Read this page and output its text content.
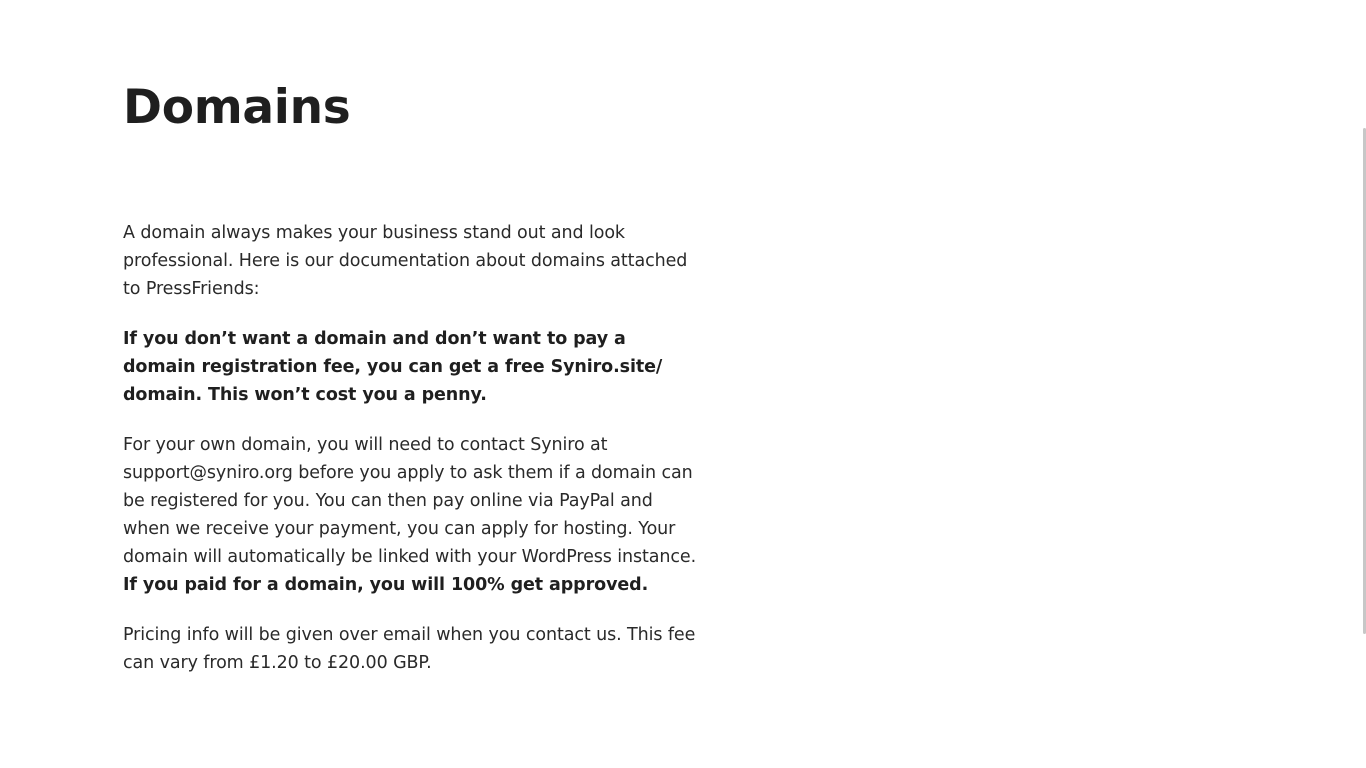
Domains

A domain always makes your business stand out and look professional. Here is our documentation about domains attached to PressFriends:

If you don’t want a domain and don’t want to pay a domain registration fee, you can get a free Syniro.site/ domain. This won’t cost you a penny.

For your own domain, you will need to contact Syniro at support@syniro.org before you apply to ask them if a domain can be registered for you. You can then pay online via PayPal and when we receive your payment, you can apply for hosting. Your domain will automatically be linked with your WordPress instance. If you paid for a domain, you will 100% get approved.

Pricing info will be given over email when you contact us. This fee can vary from £1.20 to £20.00 GBP.
